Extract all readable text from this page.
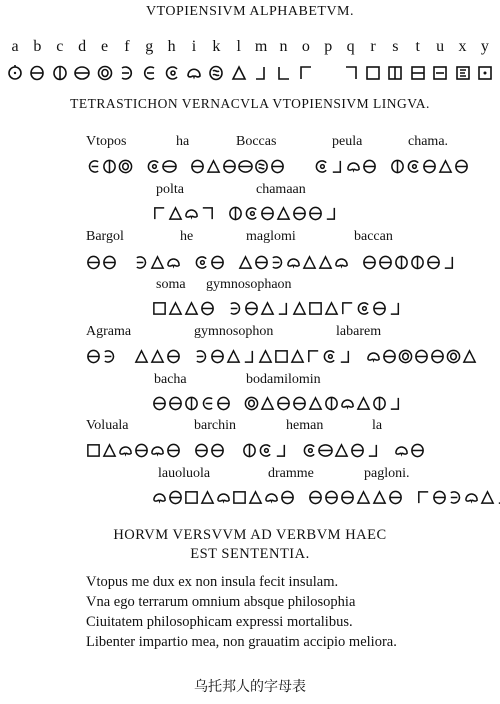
VTOPIENSIVM ALPHABETVM.
a b c d e	f g h	i	k	l m n o p q r	s	t	u x y
TETRASTICHON VERNACVLA VTOPIENSIVM LINGVA.
Vtopos	ha	Boccas	peula	chama.
polta	chamaan
Bargol	he	maglomi	baccan
soma gymnosophaon
Agrama	gymnosophon	labarem
bacha	bodamilomin
Voluala	barchin	heman	la
lauoluola	dramme	pagloni.
HORVM VERSVVM AD VERBVM HAEC
EST SENTENTIA.
Vtopus me dux ex non insula fecit insulam.
Vna ego terrarum omnium absque philosophia
Ciuitatem philosophicam expressi mortalibus.
Libenter impartio mea, non grauatim accipio meliora.
乌托邦人的字母表
